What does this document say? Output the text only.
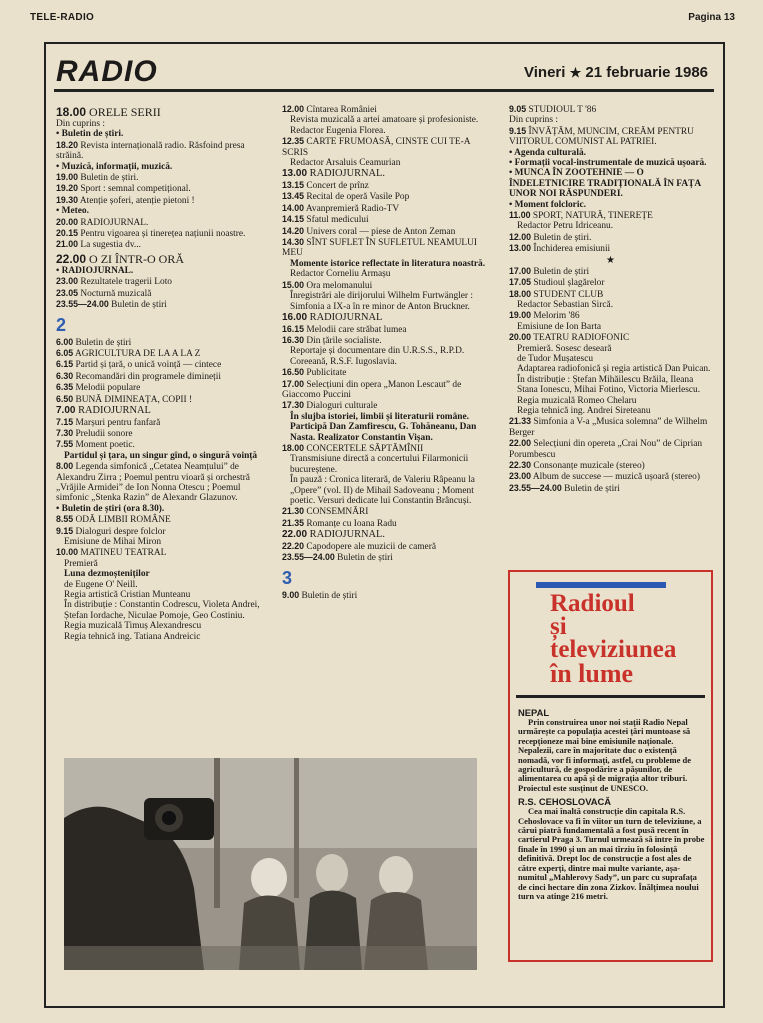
TELE-RADIO	Pagina 13
RADIO	Vineri ★ 21 februarie 1986
18.00 ORELE SERII
Din cuprins :
• Buletin de știri.
18.20 Revista internațională radio. Răsfoind presa străină.
• Muzică, informații, muzică.
19.00 Buletin de știri.
19.20 Sport : semnal competițional.
19.30 Atenție șoferi, atenție pietoni !
• Meteo.
20.00 RADIOJURNAL.
20.15 Pentru vigoarea și tinerețea națiunii noastre.
21.00 La sugestia dv...
22.00 O ZI ÎNTR-O ORĂ
• RADIOJURNAL.
23.00 Rezultatele tragerii Loto
23.05 Nocturnă muzicală
23.55—24.00 Buletin de știri
2
6.00 Buletin de știri
6.05 AGRICULTURA DE LA A LA Z
6.15 Partid și țară, o unică voință — cintece
6.30 Recomandări din programele dimineții
6.35 Melodii populare
6.50 BUNĂ DIMINEAȚA, COPII !
7.00 RADIOJURNAL
7.15 Marșuri pentru fanfară
7.30 Preludii sonore
7.55 Moment poetic.
Partidul și țara, un singur gînd, o singură voință
8.00 Legenda simfonică „Cetatea Neamțului” de Alexandru Zirra ; Poemul pentru vioară și orchestră „Vrăjile Armidei” de Ion Nonna Otescu ; Poemul simfonic „Stenka Razin” de Alexandr Glazunov.
• Buletin de știri (ora 8.30).
8.55 ODĂ LIMBII ROMÂNE
9.15 Dialoguri despre folclor
Emisiune de Mihai Miron
10.00 MATINEU TEATRAL
Premieră
Luna dezmoșteniților
de Eugene O' Neill.
Regia artistică Cristian Munteanu
În distribuție : Constantin Codrescu, Violeta Andrei, Ștefan Iordache, Niculae Pomoje, Geo Costiniu.
Regia muzicală Timuș Alexandrescu
Regia tehnică ing. Tatiana Andreicic
12.00 Cîntarea României
Revista muzicală a artei amatoare și profesioniste.
Redactor Eugenia Florea.
12.35 CARTE FRUMOASĂ, CINSTE CUI TE-A SCRIS
Redactor Arsaluis Ceamurian
13.00 RADIOJURNAL.
13.15 Concert de prînz
13.45 Recital de operă Vasile Pop
14.00 Avanpremieră Radio-TV
14.15 Sfatul medicului
14.20 Univers coral — piese de Anton Zeman
14.30 SÎNT SUFLET ÎN SUFLETUL NEAMULUI MEU
Momente istorice reflectate în literatura noastră.
Redactor Corneliu Armașu
15.00 Ora melomanului
Înregistrări ale dirijorului Wilhelm Furtwängler : Simfonia a IX-a în re minor de Anton Bruckner.
16.00 RADIOJURNAL
16.15 Melodii care străbat lumea
16.30 Din țările socialiste.
Reportaje și documentare din U.R.S.S., R.P.D. Coreeană, R.S.F. Iugoslavia.
16.50 Publicitate
17.00 Selecțiuni din opera „Manon Lescaut” de Giaccomo Puccini
17.30 Dialoguri culturale
În slujba istoriei, limbii și literaturii române. Participă Dan Zamfirescu, G. Tohăneanu, Dan Nasta. Realizator Constantin Vișan.
18.00 CONCERTELE SĂPTĂMÎNII
Transmisiune directă a concertului Filarmonicii bucureștene.
În pauză : Cronica literară, de Valeriu Râpeanu la „Opere” (vol. II) de Mihail Sadoveanu ; Moment poetic. Versuri dedicate lui Constantin Brâncuși.
21.30 CONSEMNĂRI
21.35 Romanțe cu Ioana Radu
22.00 RADIOJURNAL.
22.20 Capodopere ale muzicii de cameră
23.55—24.00 Buletin de știri
3
9.00 Buletin de știri
9.05 STUDIOUL T '86
Din cuprins :
9.15 ÎNVĂȚĂM, MUNCIM, CREĂM PENTRU VIITORUL COMUNIST AL PATRIEI.
• Agenda culturală.
• Formații vocal-instrumentale de muzică ușoară.
• MUNCA ÎN ZOOTEHNIE — O ÎNDELETNICIRE TRADIȚIONALĂ ÎN FAȚA UNOR NOI RĂSPUNDERI.
• Moment folcloric.
11.00 SPORT, NATURĂ, TINEREȚE
Redactor Petru Idriceanu.
12.00 Buletin de știri.
13.00 Închiderea emisiunii
★
17.00 Buletin de știri
17.05 Studioul șlagărelor
18.00 STUDENT CLUB
Redactor Sebastian Sircă.
19.00 Melorim '86
Emisiune de Ion Barta
20.00 TEATRU RADIOFONIC
Premieră. Sosesc deseară
de Tudor Mușatescu
Adaptarea radiofonică și regia artistică Dan Puican.
În distribuție : Ștefan Mihăilescu Brăila, Ileana Stana Ionescu, Mihai Fotino, Victoria Mierlescu.
Regia muzicală Romeo Chelaru
Regia tehnică ing. Andrei Sireteanu
21.33 Simfonia a V-a „Musica solemna” de Wilhelm Berger
22.00 Selecțiuni din opereta „Crai Nou” de Ciprian Porumbescu
22.30 Consonanțe muzicale (stereo)
23.00 Album de succese — muzică ușoară (stereo)
23.55—24.00 Buletin de știri
Radioul
și
televiziunea
în lume
NEPAL
Prin construirea unor noi stații Radio Nepal urmărește ca populația acestei țări muntoase să recepționeze mai bine emisiunile naționale. Nepalezii, care în majoritate duc o existență nomadă, vor fi informați, astfel, cu probleme de agricultură, de gospodărire a pășunilor, de alimentarea cu apă și de migrația altor triburi. Proiectul este susținut de UNESCO.
R.S. CEHOSLOVACĂ
Cea mai înaltă construcție din capitala R.S. Cehoslovace va fi în viitor un turn de televiziune, a cărui piatră fundamentală a fost pusă recent în cartierul Praga 3. Turnul urmează să intre în probe finale în 1990 și un an mai tîrziu în folosință definitivă. Drept loc de construcție a fost ales de către experți, dintre mai multe variante, așa-numitul „Mahlerovy Sady”, un parc cu suprafața de cinci hectare din zona Zizkov. Înălțimea noului turn va atinge 216 metri.
